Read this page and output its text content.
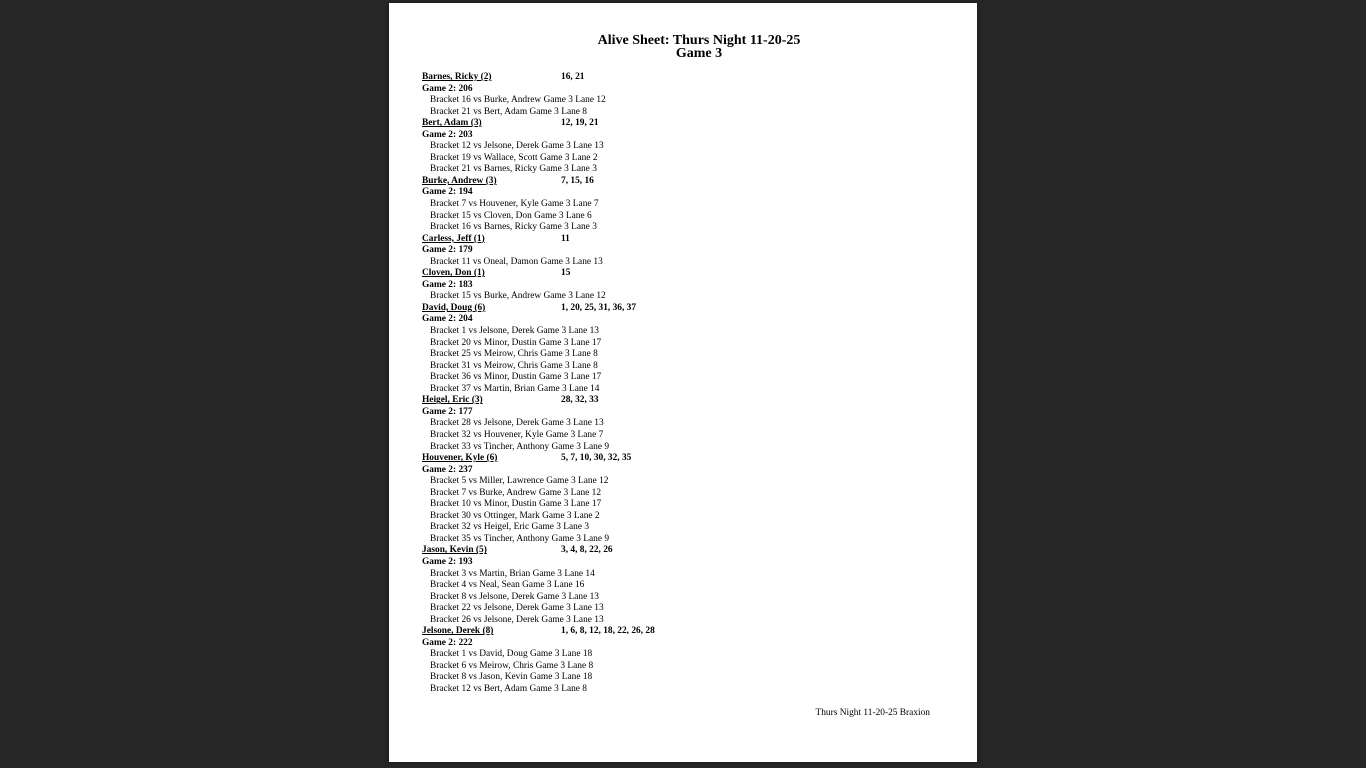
Alive Sheet: Thurs Night 11-20-25
Game 3
Barnes, Ricky (2)	16, 21
Game 2: 206
Bracket 16 vs Burke, Andrew Game 3 Lane 12
Bracket 21 vs Bert, Adam Game 3 Lane 8
Bert, Adam (3)	12, 19, 21
Game 2: 203
Bracket 12 vs Jelsone, Derek Game 3 Lane 13
Bracket 19 vs Wallace, Scott Game 3 Lane 2
Bracket 21 vs Barnes, Ricky Game 3 Lane 3
Burke, Andrew (3)	7, 15, 16
Game 2: 194
Bracket 7 vs Houvener, Kyle Game 3 Lane 7
Bracket 15 vs Cloven, Don Game 3 Lane 6
Bracket 16 vs Barnes, Ricky Game 3 Lane 3
Carless, Jeff (1)	11
Game 2: 179
Bracket 11 vs Oneal, Damon Game 3 Lane 13
Cloven, Don (1)	15
Game 2: 183
Bracket 15 vs Burke, Andrew Game 3 Lane 12
David, Doug (6)	1, 20, 25, 31, 36, 37
Game 2: 204
Bracket 1 vs Jelsone, Derek Game 3 Lane 13
Bracket 20 vs Minor, Dustin Game 3 Lane 17
Bracket 25 vs Meirow, Chris Game 3 Lane 8
Bracket 31 vs Meirow, Chris Game 3 Lane 8
Bracket 36 vs Minor, Dustin Game 3 Lane 17
Bracket 37 vs Martin, Brian Game 3 Lane 14
Heigel, Eric (3)	28, 32, 33
Game 2: 177
Bracket 28 vs Jelsone, Derek Game 3 Lane 13
Bracket 32 vs Houvener, Kyle Game 3 Lane 7
Bracket 33 vs Tincher, Anthony Game 3 Lane 9
Houvener, Kyle (6)	5, 7, 10, 30, 32, 35
Game 2: 237
Bracket 5 vs Miller, Lawrence Game 3 Lane 12
Bracket 7 vs Burke, Andrew Game 3 Lane 12
Bracket 10 vs Minor, Dustin Game 3 Lane 17
Bracket 30 vs Ottinger, Mark Game 3 Lane 2
Bracket 32 vs Heigel, Eric Game 3 Lane 3
Bracket 35 vs Tincher, Anthony Game 3 Lane 9
Jason, Kevin (5)	3, 4, 8, 22, 26
Game 2: 193
Bracket 3 vs Martin, Brian Game 3 Lane 14
Bracket 4 vs Neal, Sean Game 3 Lane 16
Bracket 8 vs Jelsone, Derek Game 3 Lane 13
Bracket 22 vs Jelsone, Derek Game 3 Lane 13
Bracket 26 vs Jelsone, Derek Game 3 Lane 13
Jelsone, Derek (8)	1, 6, 8, 12, 18, 22, 26, 28
Game 2: 222
Bracket 1 vs David, Doug Game 3 Lane 18
Bracket 6 vs Meirow, Chris Game 3 Lane 8
Bracket 8 vs Jason, Kevin Game 3 Lane 18
Bracket 12 vs Bert, Adam Game 3 Lane 8
Thurs Night 11-20-25 Braxion
